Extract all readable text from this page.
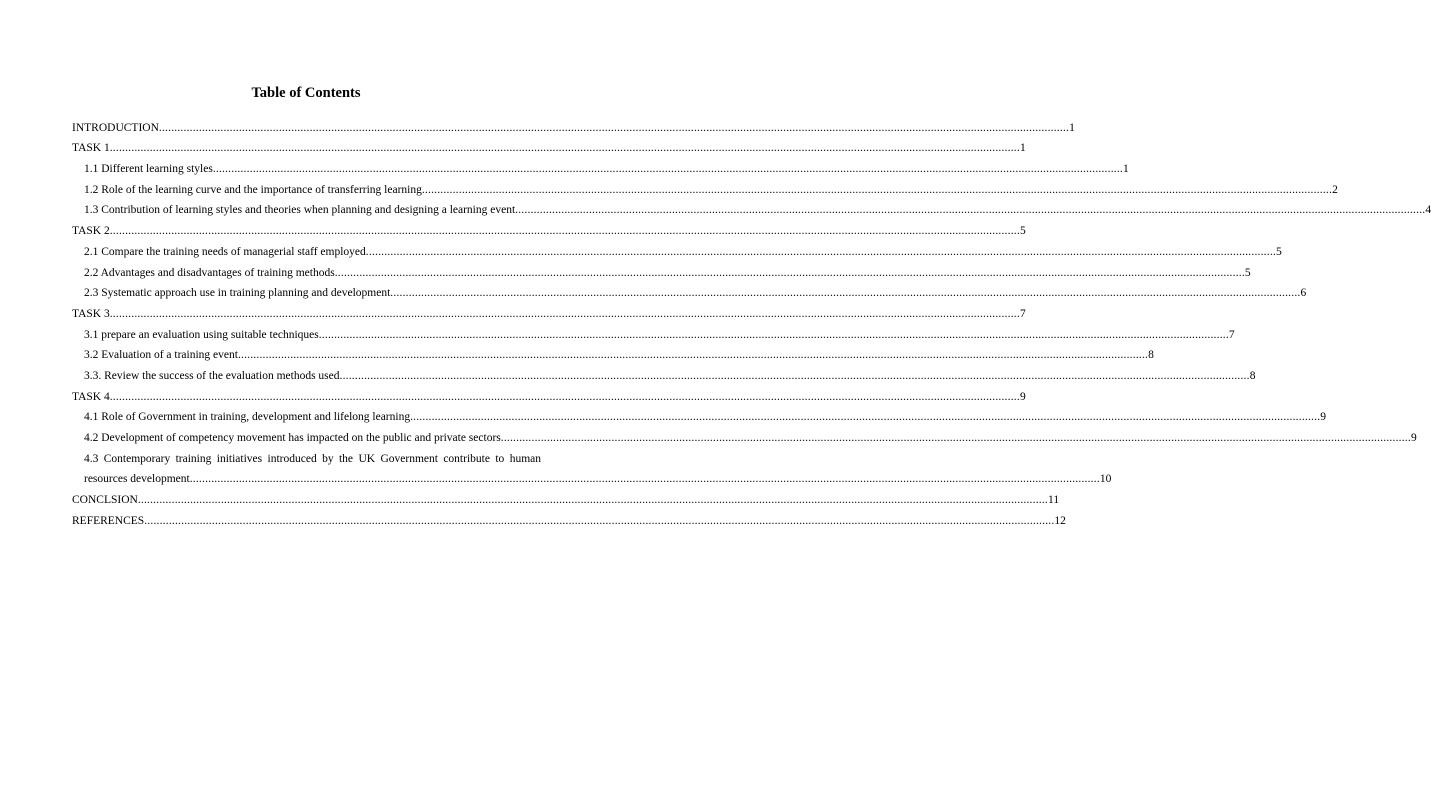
Table of Contents
INTRODUCTION .....	1
TASK 1 .....	1
1.1 Different learning styles .....	1
1.2 Role of the learning curve and the importance of transferring learning .....	2
1.3 Contribution of learning styles and theories when planning and designing a learning event .....	4
TASK 2 .....	5
2.1 Compare the training needs of managerial staff employed .....	5
2.2 Advantages and disadvantages of training methods .....	5
2.3 Systematic approach use in training planning and development .....	6
TASK 3 .....	7
3.1 prepare an evaluation using suitable techniques .....	7
3.2 Evaluation of a training event .....	8
3.3. Review the success of the evaluation methods used .....	8
TASK 4 .....	9
4.1 Role of Government in training, development and lifelong learning .....	9
4.2 Development of competency movement has impacted on the public and private sectors .....	9
4.3 Contemporary training initiatives introduced by the UK Government contribute to human
resources development .....	10
CONCLSION .....	11
REFERENCES .....	12
